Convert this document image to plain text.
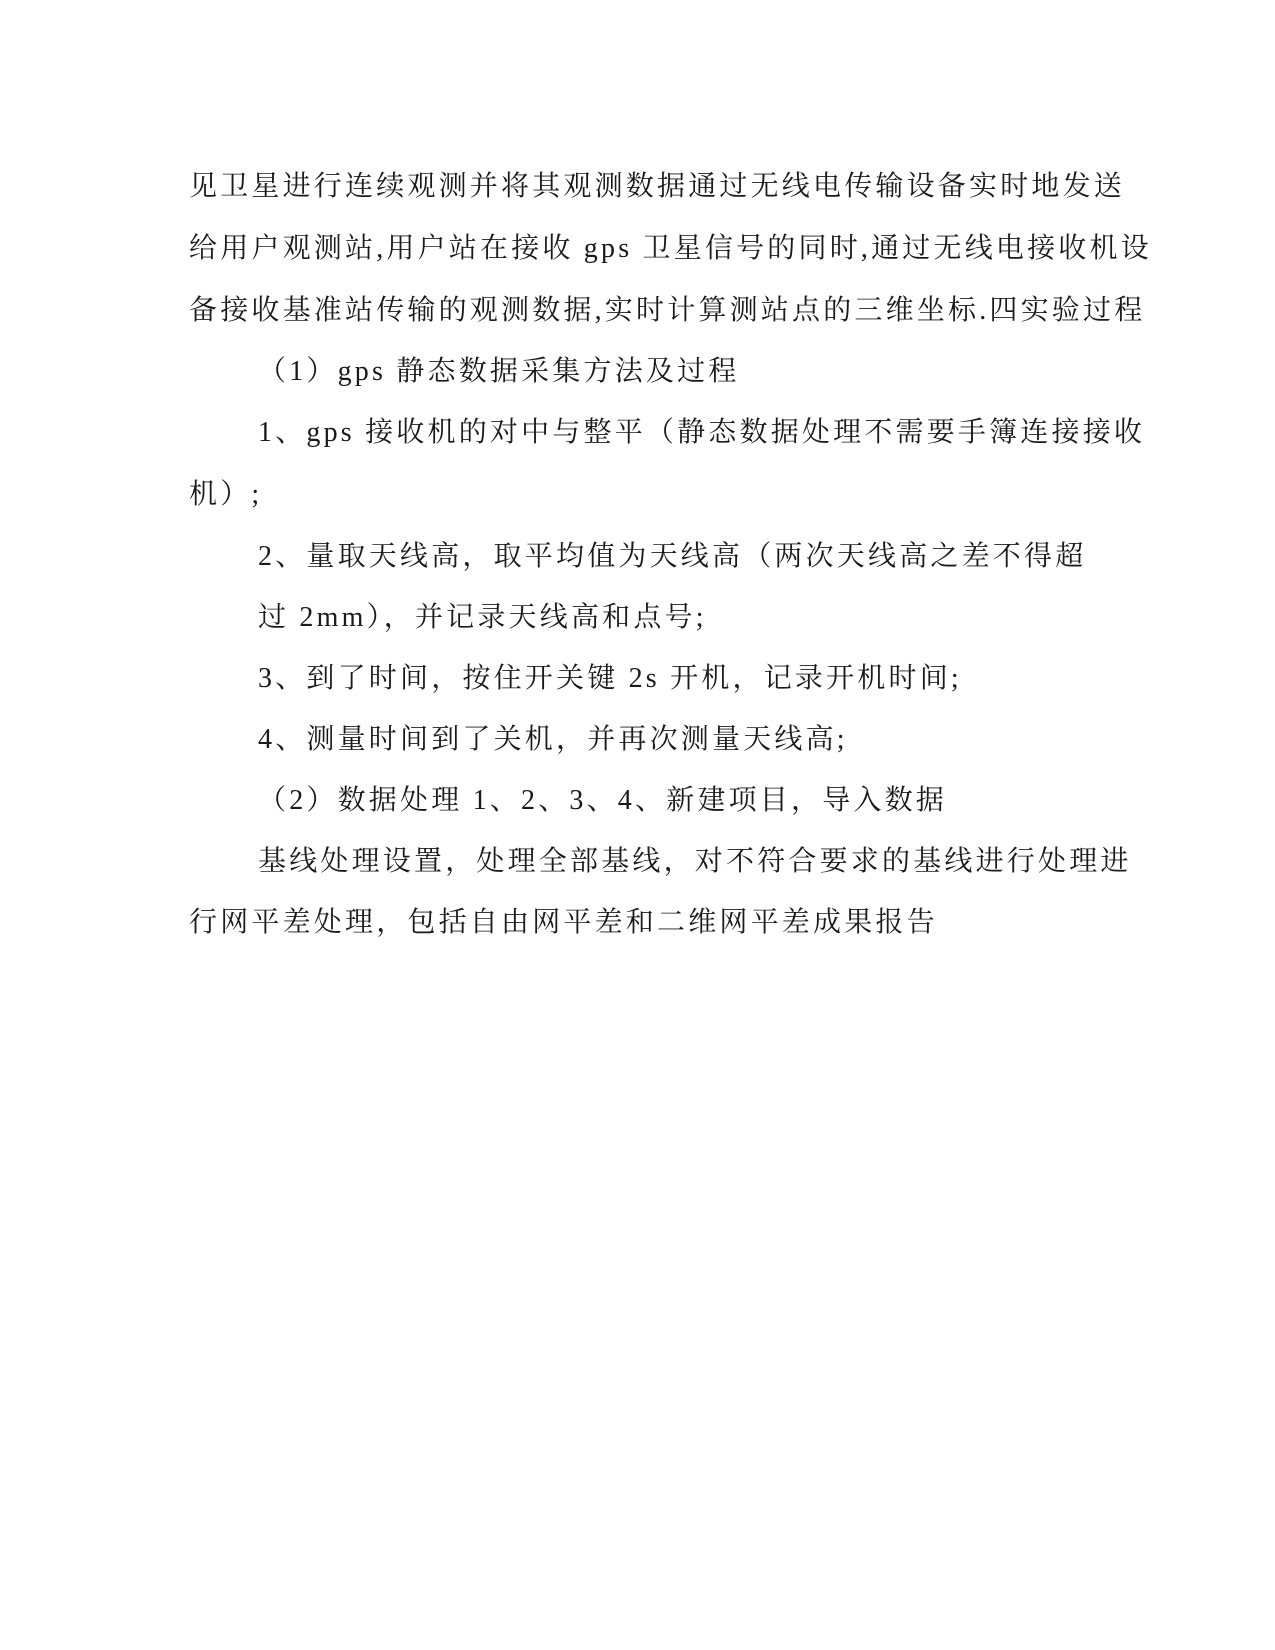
见卫星进行连续观测并将其观测数据通过无线电传输设备实时地发送
给用户观测站,用户站在接收 gps 卫星信号的同时,通过无线电接收机设
备接收基准站传输的观测数据,实时计算测站点的三维坐标.四实验过程
（1）gps 静态数据采集方法及过程
1、gps 接收机的对中与整平（静态数据处理不需要手簿连接接收
机）;
2、量取天线高，取平均值为天线高（两次天线高之差不得超
过 2mm），并记录天线高和点号;
3、到了时间，按住开关键 2s 开机，记录开机时间;
4、测量时间到了关机，并再次测量天线高;
（2）数据处理 1、2、3、4、新建项目，导入数据
基线处理设置，处理全部基线，对不符合要求的基线进行处理进
行网平差处理，包括自由网平差和二维网平差成果报告
